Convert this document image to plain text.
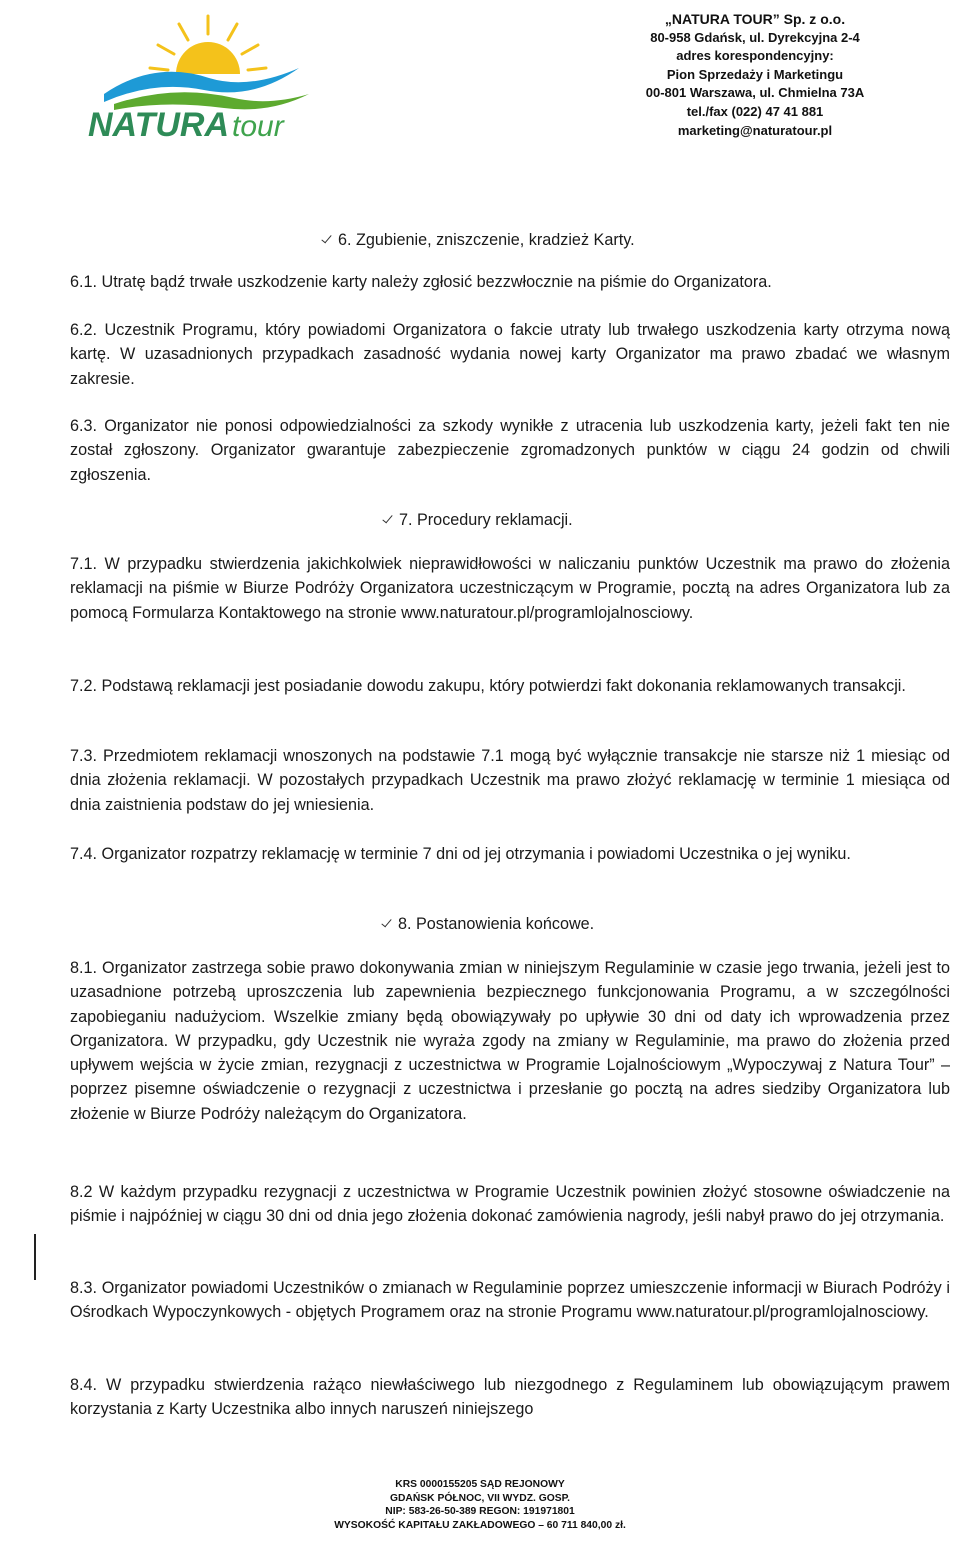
NATURA tour
„NATURA TOUR” Sp. z o.o.
80-958 Gdańsk, ul. Dyrekcyjna 2-4
adres korespondencyjny:
Pion Sprzedaży i Marketingu
00-801 Warszawa, ul. Chmielna 73A
tel./fax (022) 47 41 881
marketing@naturatour.pl
6. Zgubienie, zniszczenie, kradzież Karty.
6.1. Utratę bądź trwałe uszkodzenie karty należy zgłosić bezzwłocznie na piśmie do Organizatora.
6.2. Uczestnik Programu, który powiadomi Organizatora o fakcie utraty lub trwałego uszkodzenia karty otrzyma nową kartę. W uzasadnionych przypadkach zasadność wydania nowej karty Organizator ma prawo zbadać we własnym zakresie.
6.3. Organizator nie ponosi odpowiedzialności za szkody wynikłe z utracenia lub uszkodzenia karty, jeżeli fakt ten nie został zgłoszony. Organizator gwarantuje zabezpieczenie zgromadzonych punktów w ciągu 24 godzin od chwili zgłoszenia.
7. Procedury reklamacji.
7.1. W przypadku stwierdzenia jakichkolwiek nieprawidłowości w naliczaniu punktów Uczestnik ma prawo do złożenia reklamacji na piśmie w Biurze Podróży Organizatora uczestniczącym w Programie, pocztą na adres Organizatora lub za pomocą Formularza Kontaktowego na stronie www.naturatour.pl/programlojalnosciowy.
7.2. Podstawą reklamacji jest posiadanie dowodu zakupu, który potwierdzi fakt dokonania reklamowanych transakcji.
7.3. Przedmiotem reklamacji wnoszonych na podstawie 7.1 mogą być wyłącznie transakcje nie starsze niż 1 miesiąc od dnia złożenia reklamacji. W pozostałych przypadkach Uczestnik ma prawo złożyć reklamację w terminie 1 miesiąca od dnia zaistnienia podstaw do jej wniesienia.
7.4. Organizator rozpatrzy reklamację w terminie 7 dni od jej otrzymania i powiadomi Uczestnika o jej wyniku.
8. Postanowienia końcowe.
8.1. Organizator zastrzega sobie prawo dokonywania zmian w niniejszym Regulaminie w czasie jego trwania, jeżeli jest to uzasadnione potrzebą uproszczenia lub zapewnienia bezpiecznego funkcjonowania Programu, a w szczególności zapobieganiu nadużyciom. Wszelkie zmiany będą obowiązywały po upływie 30 dni od daty ich wprowadzenia przez Organizatora. W przypadku, gdy Uczestnik nie wyraża zgody na zmiany w Regulaminie, ma prawo do złożenia przed upływem wejścia w życie zmian, rezygnacji z uczestnictwa w Programie Lojalnościowym „Wypoczywaj z Natura Tour” – poprzez pisemne oświadczenie o rezygnacji z uczestnictwa i przesłanie go pocztą na adres siedziby Organizatora lub złożenie w Biurze Podróży należącym do Organizatora.
8.2 W każdym przypadku rezygnacji z uczestnictwa w Programie Uczestnik powinien złożyć stosowne oświadczenie na piśmie i najpóźniej w ciągu 30 dni od dnia jego złożenia dokonać zamówienia nagrody, jeśli nabył prawo do jej otrzymania.
8.3. Organizator powiadomi Uczestników o zmianach w Regulaminie poprzez umieszczenie informacji w Biurach Podróży i Ośrodkach Wypoczynkowych - objętych Programem oraz na stronie Programu www.naturatour.pl/programlojalnosciowy.
8.4. W przypadku stwierdzenia rażąco niewłaściwego lub niezgodnego z Regulaminem lub obowiązującym prawem korzystania z Karty Uczestnika albo innych naruszeń niniejszego
KRS 0000155205 SĄD REJONOWY
GDAŃSK PÓŁNOC, VII WYDZ. GOSP.
NIP: 583-26-50-389 REGON: 191971801
WYSOKOŚĆ KAPITAŁU ZAKŁADOWEGO – 60 711 840,00 zł.
